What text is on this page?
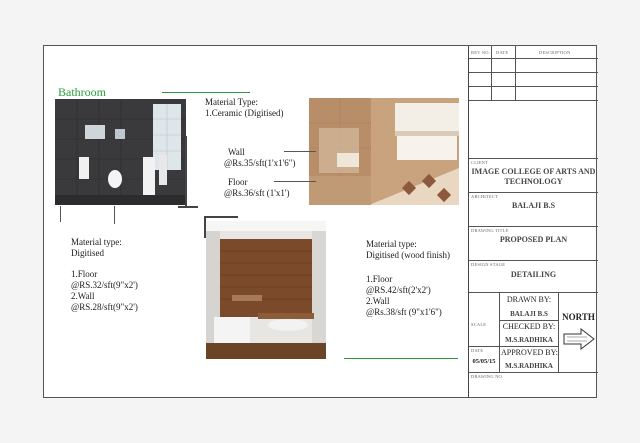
Bathroom
Material Type:
1.Ceramic (Digitised)
Wall
@Rs.35/sft(1'x1'6")
Floor
@Rs.36/sft (1'x1')
Material type:
Digitised
1.Floor
@RS.32/sft(9"x2')
2.Wall
@RS.28/sft(9"x2')
Material type:
Digitised (wood finish)
1.Floor
@RS.42/sft(2'x2')
2.Wall
@Rs.38/sft (9"x1'6")
REV NO. DATE	DESCRIPTION
CLIENT
IMAGE COLLEGE OF ARTS AND TECHNOLOGY
ARCHITECT
BALAJI B.S
DRAWING TITLE
PROPOSED PLAN
DESIGN STAGE
DETAILING
DRAWN BY:
BALAJI B.S
SCALE CHECKED BY:
M.S.RADHIKA
DATE
05/05/15
APPROVED BY:
M.S.RADHIKA
NORTH
DRAWING NO.
